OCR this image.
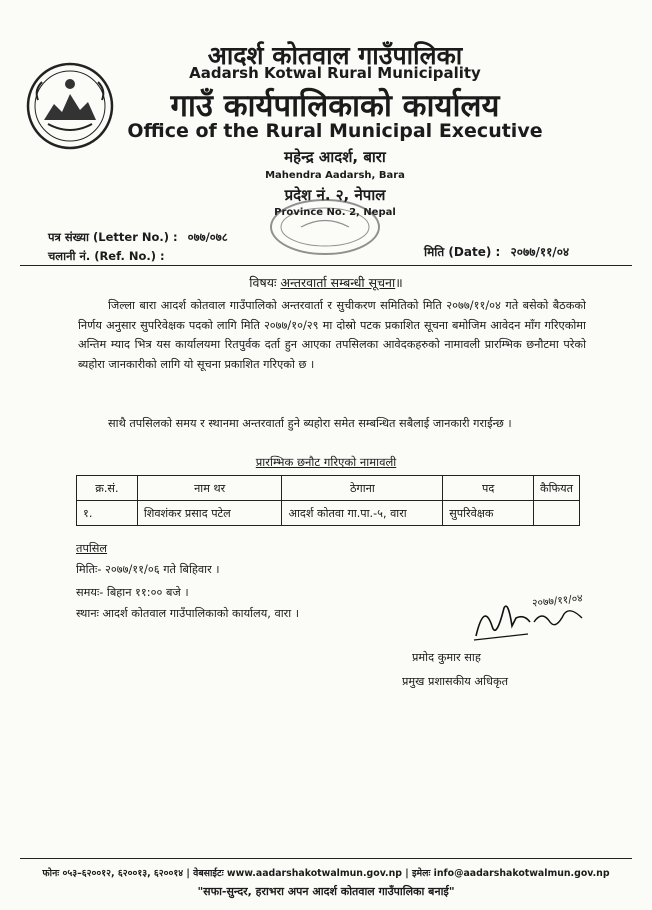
आदर्श कोतवाल गाउँपालिका
Aadarsh Kotwal Rural Municipality
गाउँ कार्यपालिकाको कार्यालय
Office of the Rural Municipal Executive
महेन्द्र आदर्श, बारा
Mahendra Aadarsh, Bara
प्रदेश नं. २, नेपाल
Province No. 2, Nepal
पत्र संख्या (Letter No.) : ०७७/०७८
चलानी नं. (Ref. No.) :	मिति (Date) : २०७७/११/०४
विषयः अन्तरवार्ता सम्बन्धी सूचना॥
जिल्ला बारा आदर्श कोतवाल गाउँपालिको अन्तरवार्ता र सुचीकरण समितिको मिति २०७७/११/०४ गते बसेको बैठकको निर्णय अनुसार सुपरिवेक्षक पदको लागि मिति २०७७/१०/२९ मा दोस्रो पटक प्रकाशित सूचना बमोजिम आवेदन माँग गरिएकोमा अन्तिम म्याद भित्र यस कार्यालयमा रितपुर्वक दर्ता हुन आएका तपसिलका आवेदकहरुको नामावली प्रारम्भिक छनौटमा परेको ब्यहोरा जानकारीको लागि यो सूचना प्रकाशित गरिएको छ ।
साथै तपसिलको समय र स्थानमा अन्तरवार्ता हुने ब्यहोरा समेत सम्बन्धित सबैलाई जानकारी गराईन्छ ।
प्रारम्भिक छनौट गरिएको नामावली
क्र.सं.	नाम थर	ठेगाना	पद	कैफियत
१.	शिवशंकर प्रसाद पटेल	आदर्श कोतवा गा.पा.-५, वारा	सुपरिवेक्षक	
तपसिल
मितिः- २०७७/११/०६ गते बिहिवार ।
समयः- बिहान ११:०० बजे ।
स्थानः आदर्श कोतवाल गाउँपालिकाको कार्यालय, वारा ।
२०७७/११/०४
प्रमोद कुमार साह
प्रमुख प्रशासकीय अधिकृत
फोनः ०५३–६२००१२, ६२००१३, ६२००१४ | वेबसाईटः www.aadarshakotwalmun.gov.np | इमेलः info@aadarshakotwalmun.gov.np
"सफा-सुन्दर, हराभरा अपन आदर्श कोतवाल गाउँपालिका बनाई"
